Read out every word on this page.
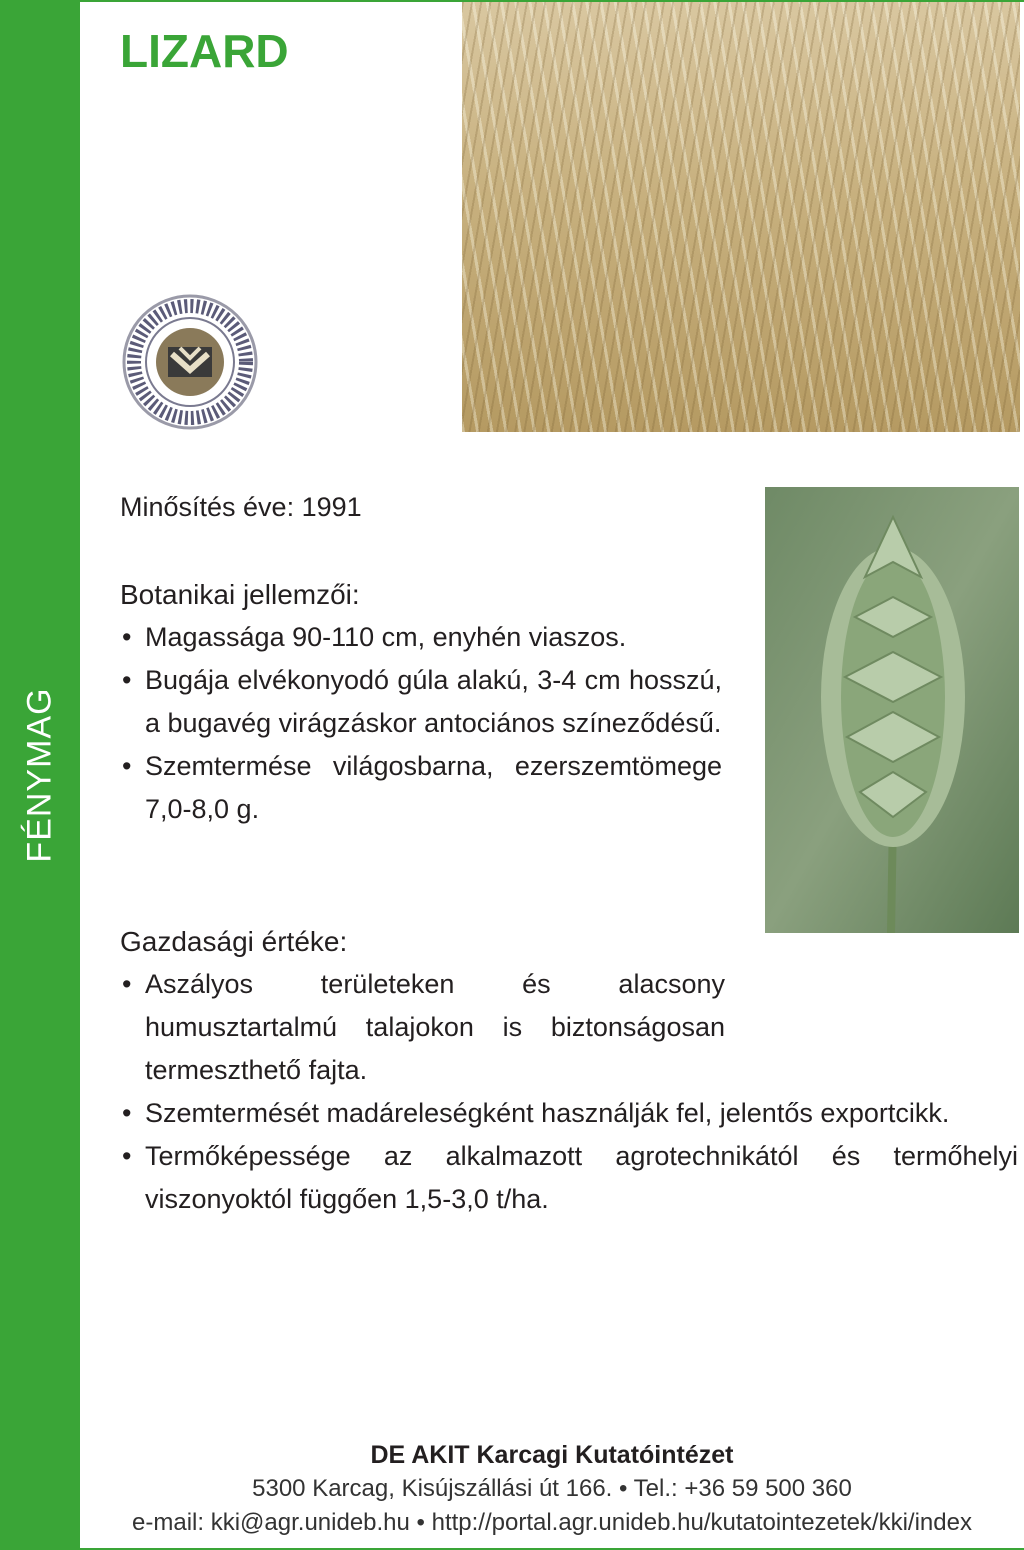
FÉNYMAG
LIZARD
Minősítés éve: 1991
Botanikai jellemzői:
• Magassága 90-110 cm, enyhén viaszos.
• Bugája elvékonyodó gúla alakú, 3-4 cm hosszú, a bugavég virágzáskor antociános színeződésű.
• Szemtermése világosbarna, ezerszemtömege 7,0-8,0 g.
Gazdasági értéke:
• Aszályos területeken és alacsony humusztartalmú talajokon is biztonságosan termeszthető fajta.
• Szemtermését madáreleségként használják fel, jelentős exportcikk.
• Termőképessége az alkalmazott agrotechnikától és termőhelyi viszonyoktól függően 1,5-3,0 t/ha.
DE AKIT Karcagi Kutatóintézet
5300 Karcag, Kisújszállási út 166. • Tel.: +36 59 500 360
e-mail: kki@agr.unideb.hu • http://portal.agr.unideb.hu/kutatointezetek/kki/index
